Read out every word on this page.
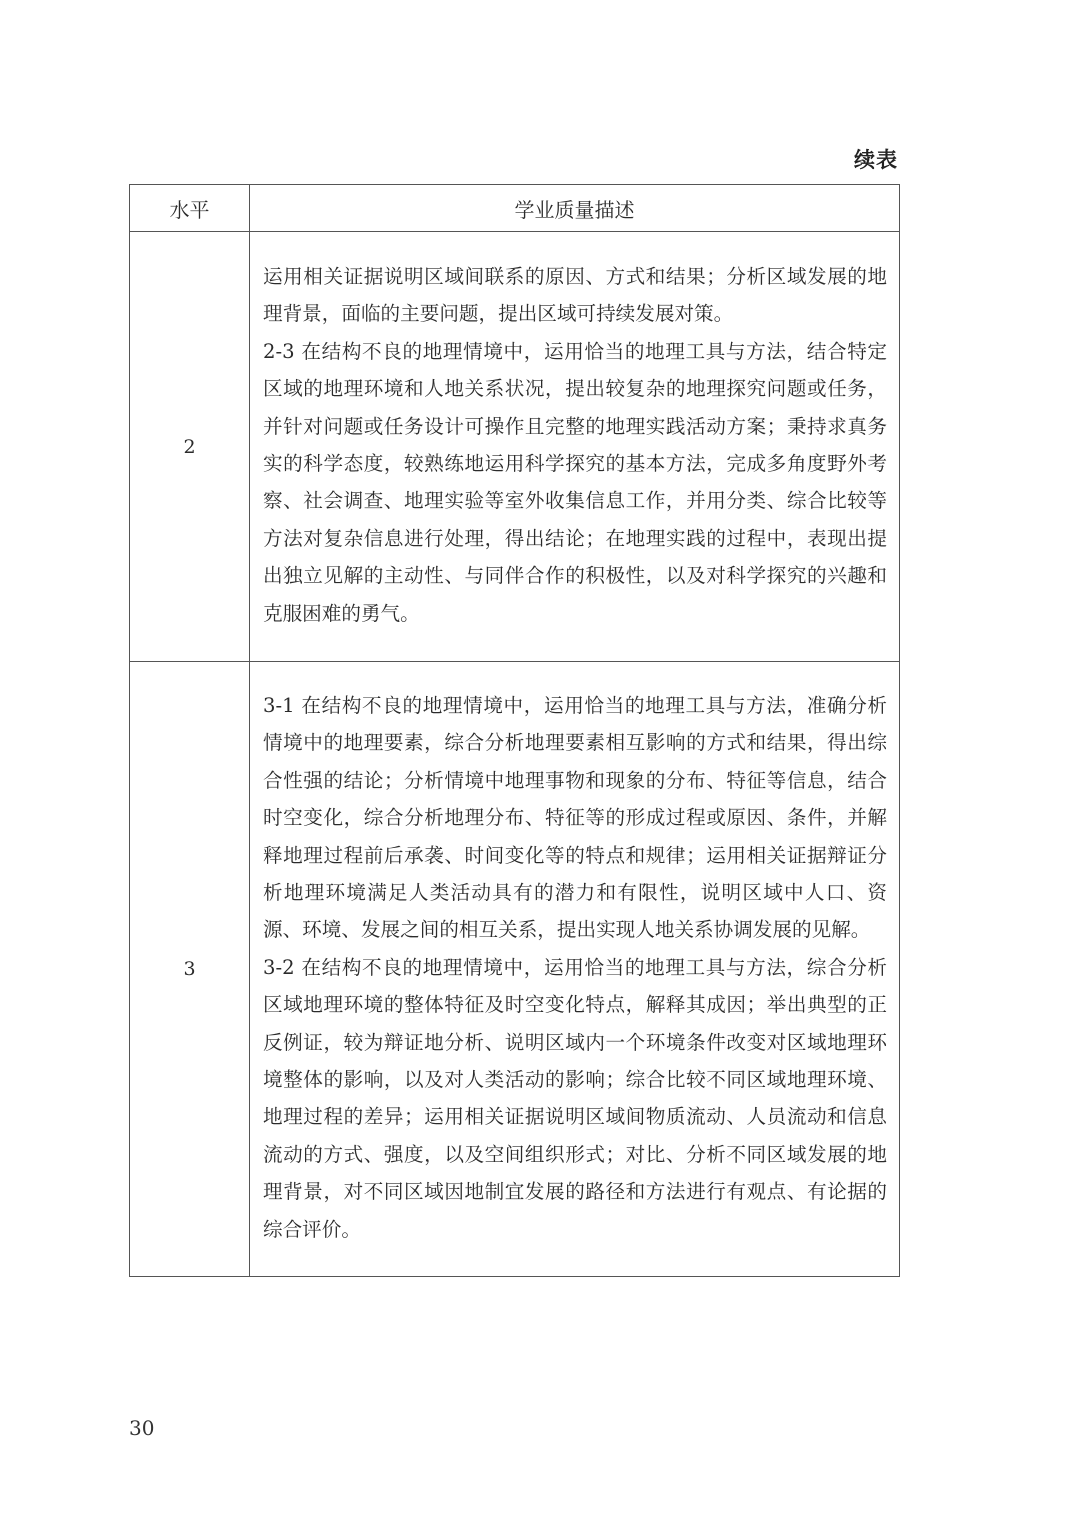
续表
水平	学业质量描述
2	运用相关证据说明区域间联系的原因、方式和结果；分析区域发展的地理背景，面临的主要问题，提出区域可持续发展对策。

2-3 在结构不良的地理情境中，运用恰当的地理工具与方法，结合特定区域的地理环境和人地关系状况，提出较复杂的地理探究问题或任务，并针对问题或任务设计可操作且完整的地理实践活动方案；秉持求真务实的科学态度，较熟练地运用科学探究的基本方法，完成多角度野外考察、社会调查、地理实验等室外收集信息工作，并用分类、综合比较等方法对复杂信息进行处理，得出结论；在地理实践的过程中，表现出提出独立见解的主动性、与同伴合作的积极性，以及对科学探究的兴趣和克服困难的勇气。

3	3-1 在结构不良的地理情境中，运用恰当的地理工具与方法，准确分析情境中的地理要素，综合分析地理要素相互影响的方式和结果，得出综合性强的结论；分析情境中地理事物和现象的分布、特征等信息，结合时空变化，综合分析地理分布、特征等的形成过程或原因、条件，并解释地理过程前后承袭、时间变化等的特点和规律；运用相关证据辩证分析地理环境满足人类活动具有的潜力和有限性，说明区域中人口、资源、环境、发展之间的相互关系，提出实现人地关系协调发展的见解。

3-2 在结构不良的地理情境中，运用恰当的地理工具与方法，综合分析区域地理环境的整体特征及时空变化特点，解释其成因；举出典型的正反例证，较为辩证地分析、说明区域内一个环境条件改变对区域地理环境整体的影响，以及对人类活动的影响；综合比较不同区域地理环境、地理过程的差异；运用相关证据说明区域间物质流动、人员流动和信息流动的方式、强度，以及空间组织形式；对比、分析不同区域发展的地理背景，对不同区域因地制宜发展的路径和方法进行有观点、有论据的综合评价。

30
